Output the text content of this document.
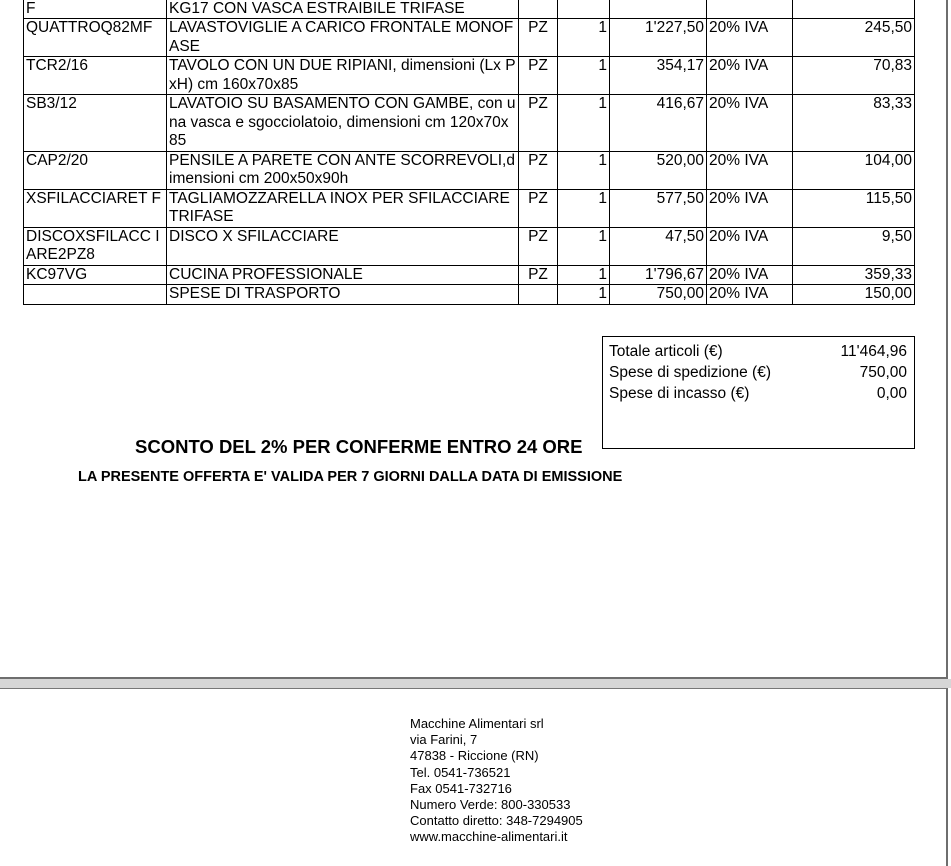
F	KG17 CON VASCA ESTRAIBILE TRIFASE					
QUATTROQ82MF	LAVASTOVIGLIE A CARICO FRONTALE MONOFASE	PZ	1	1'227,50	20% IVA	245,50
TCR2/16	TAVOLO CON UN DUE RIPIANI, dimensioni (Lx PxH) cm 160x70x85	PZ	1	354,17	20% IVA	70,83
SB3/12	LAVATOIO SU BASAMENTO CON GAMBE, con una vasca e sgocciolatoio, dimensioni cm 120x70x85	PZ	1	416,67	20% IVA	83,33
CAP2/20	PENSILE A PARETE CON ANTE SCORREVOLI,dimensioni cm 200x50x90h	PZ	1	520,00	20% IVA	104,00
XSFILACCIARET F	TAGLIAMOZZARELLA INOX PER SFILACCIARE TRIFASE	PZ	1	577,50	20% IVA	115,50
DISCOXSFILACC IARE2PZ8	DISCO X SFILACCIARE	PZ	1	47,50	20% IVA	9,50
KC97VG	CUCINA PROFESSIONALE	PZ	1	1'796,67	20% IVA	359,33
	SPESE DI TRASPORTO		1	750,00	20% IVA	150,00
Totale articoli (€)	11'464,96
Spese di spedizione (€)	750,00
Spese di incasso (€)	0,00
SCONTO DEL 2% PER CONFERME ENTRO 24 ORE
LA PRESENTE OFFERTA E' VALIDA PER 7 GIORNI DALLA DATA DI EMISSIONE
Macchine Alimentari srl
via Farini, 7
47838 - Riccione (RN)
Tel. 0541-736521
Fax 0541-732716
Numero Verde: 800-330533
Contatto diretto: 348-7294905
www.macchine-alimentari.it
